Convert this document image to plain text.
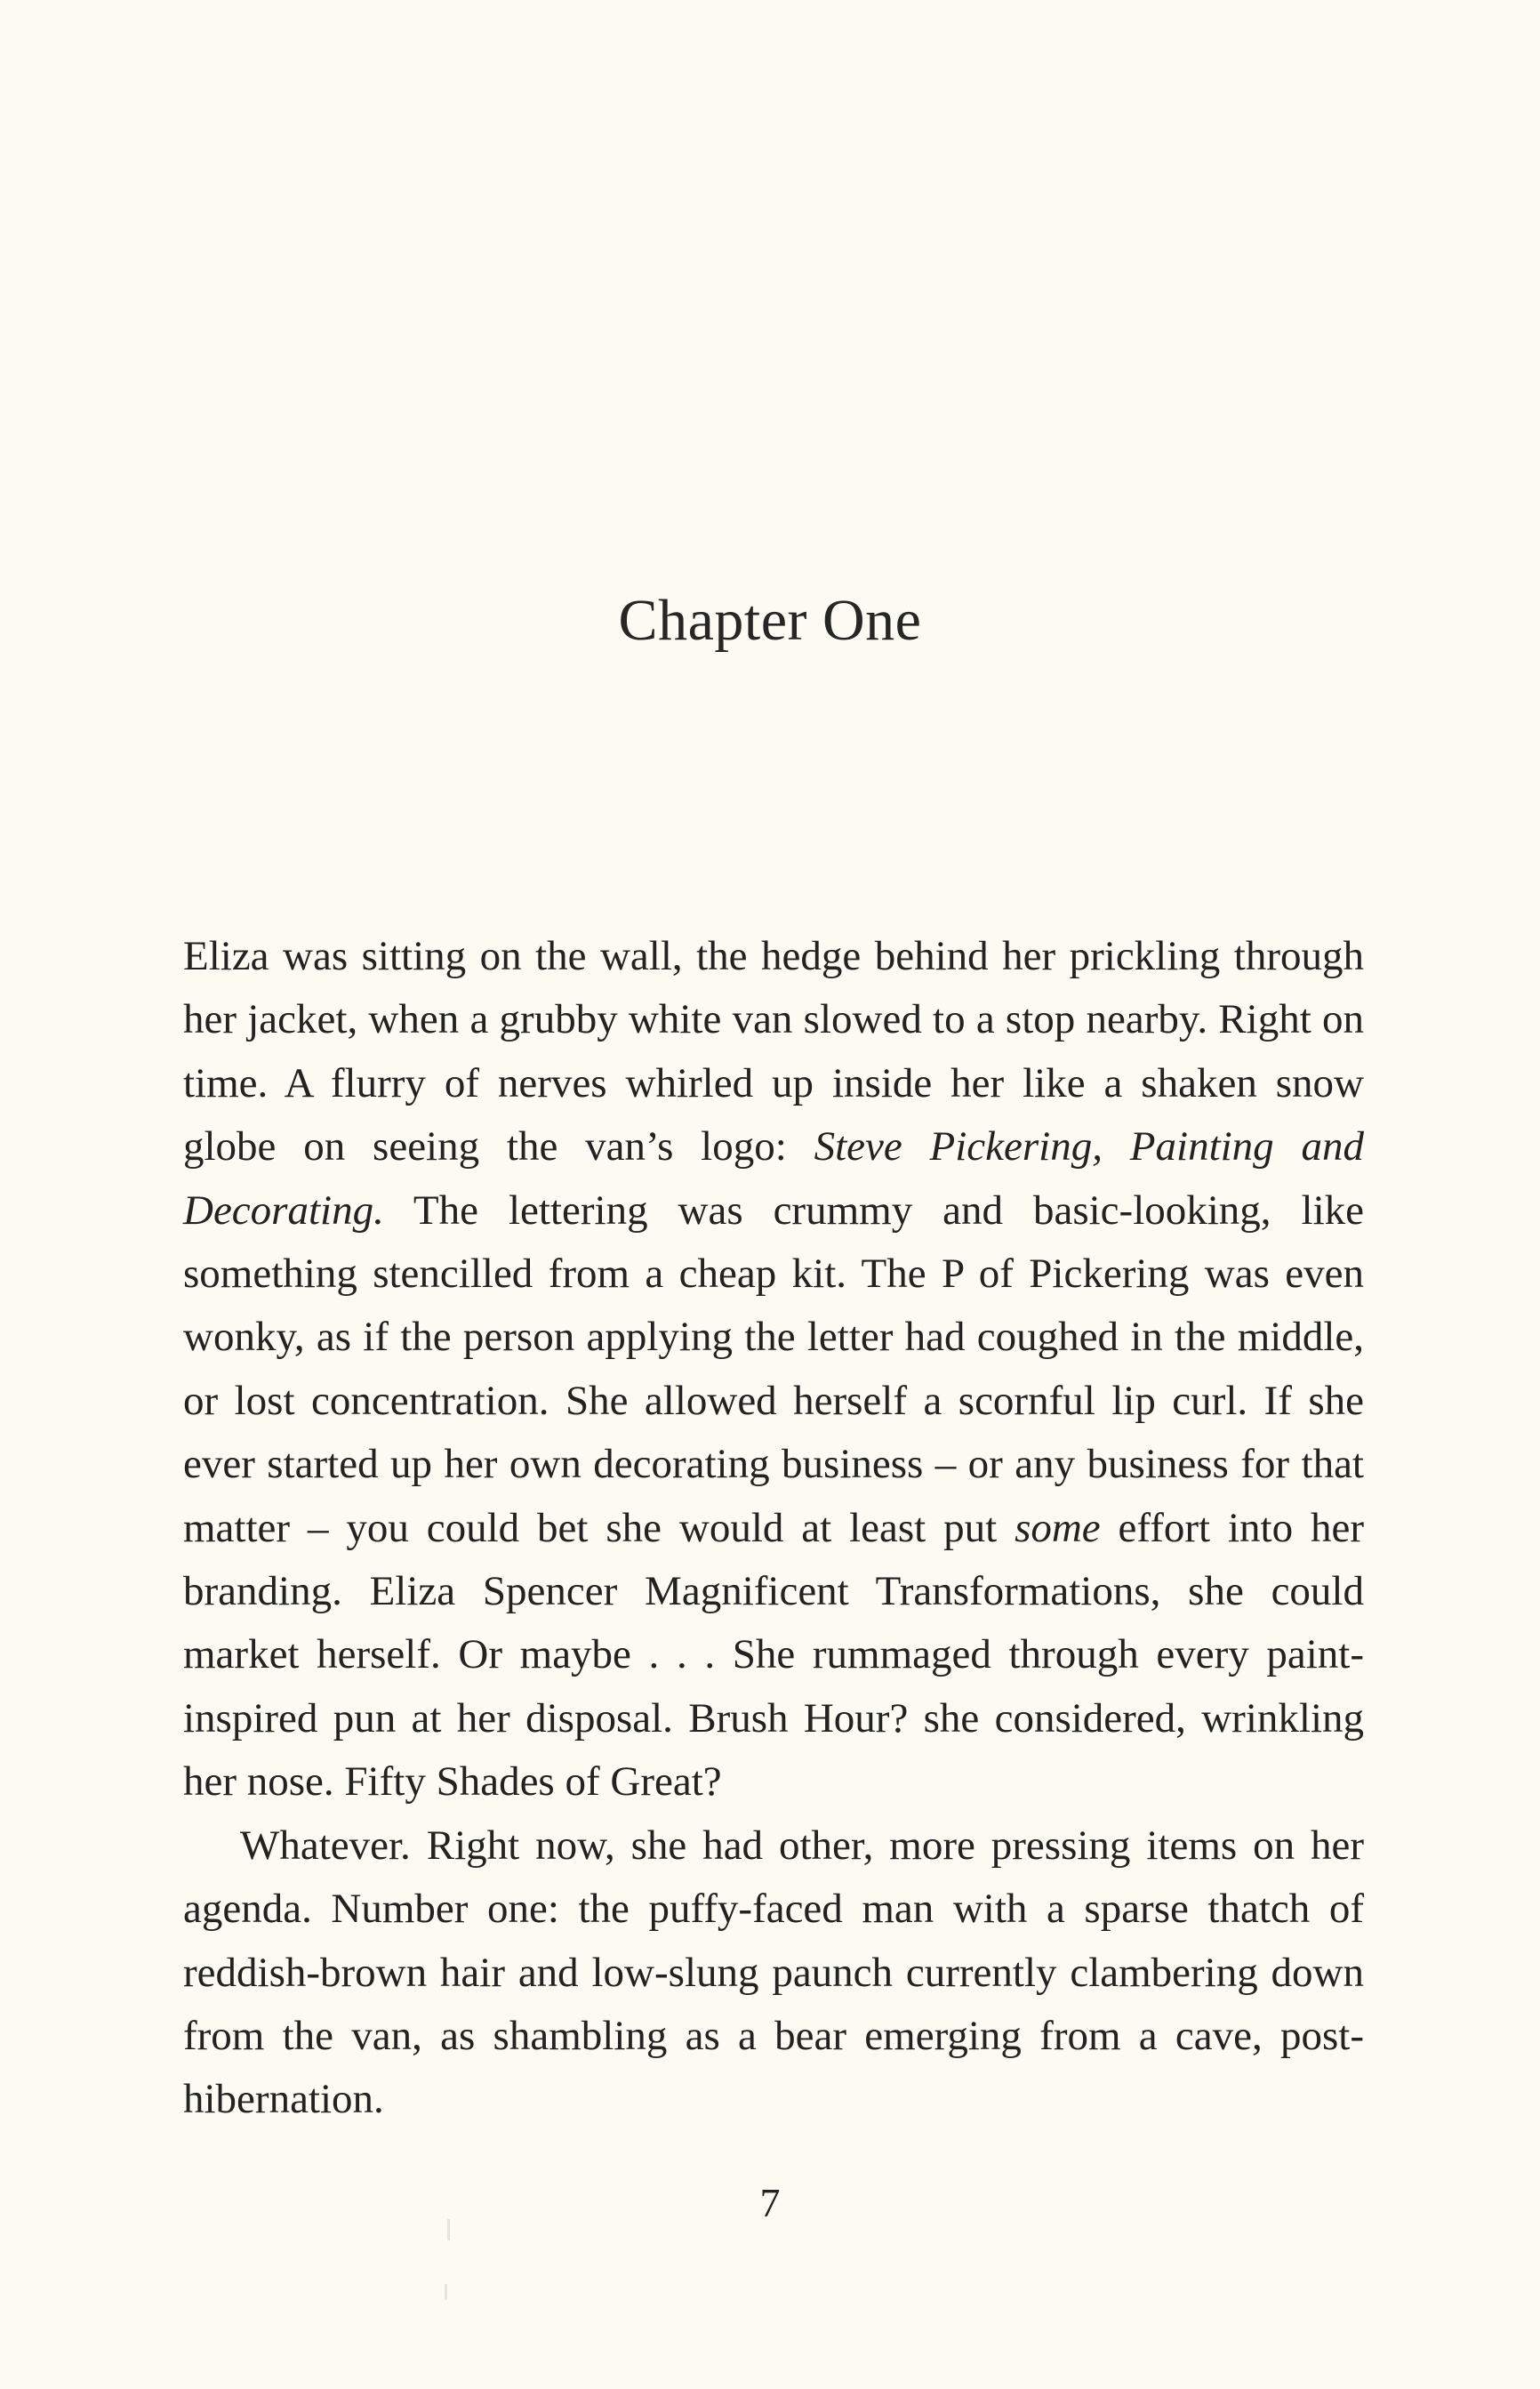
Chapter One

Eliza was sitting on the wall, the hedge behind her prickling through her jacket, when a grubby white van slowed to a stop nearby. Right on time. A flurry of nerves whirled up inside her like a shaken snow globe on seeing the van’s logo: Steve Pickering, Painting and Decorating. The lettering was crummy and basic-looking, like something stencilled from a cheap kit. The P of Pickering was even wonky, as if the person applying the letter had coughed in the middle, or lost concentration. She allowed herself a scornful lip curl. If she ever started up her own decorating business – or any business for that matter – you could bet she would at least put some effort into her branding. Eliza Spencer Magnificent Transformations, she could market herself. Or maybe . . . She rummaged through every paint-inspired pun at her disposal. Brush Hour? she considered, wrinkling her nose. Fifty Shades of Great?

Whatever. Right now, she had other, more pressing items on her agenda. Number one: the puffy-faced man with a sparse thatch of reddish-brown hair and low-slung paunch currently clambering down from the van, as shambling as a bear emerging from a cave, post-hibernation.

7
